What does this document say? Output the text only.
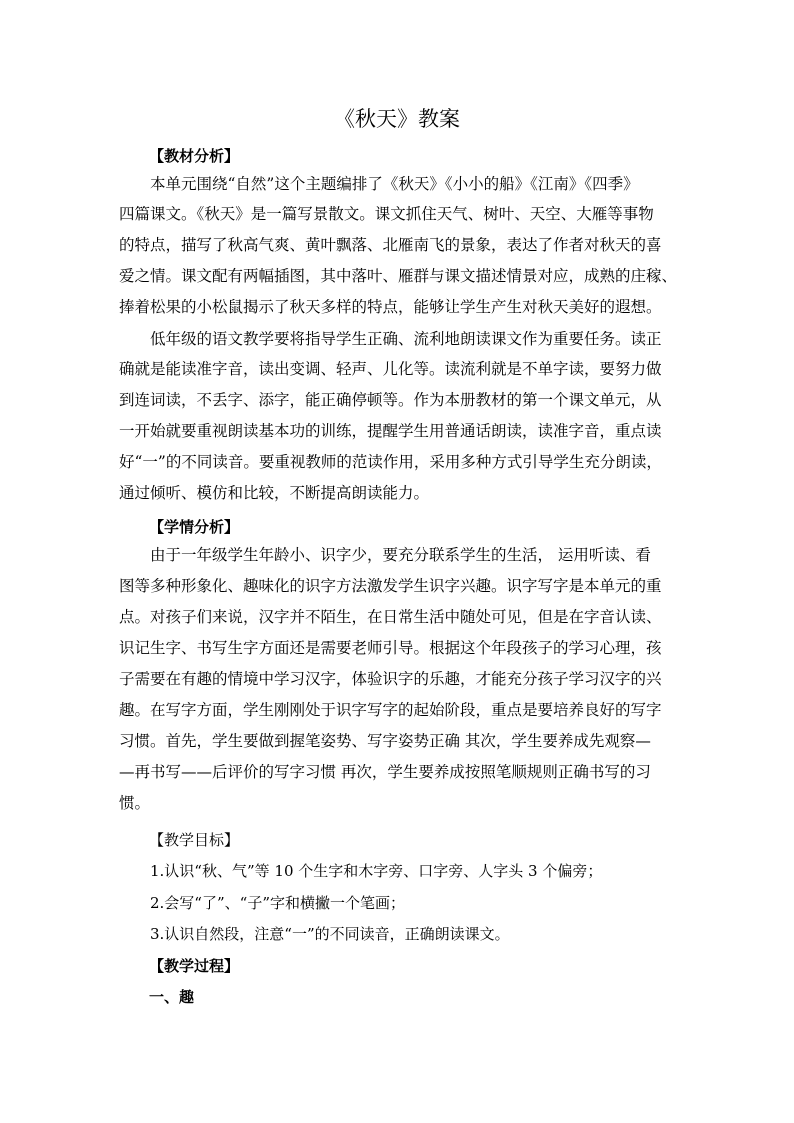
《秋天》教案
【教材分析】
本单元围绕“自然”这个主题编排了《秋天》《小小的船》《江南》《四季》
四篇课文。《秋天》是一篇写景散文。课文抓住天气、树叶、天空、大雁等事物
的特点，描写了秋高气爽、黄叶飘落、北雁南飞的景象，表达了作者对秋天的喜
爱之情。课文配有两幅插图，其中落叶、雁群与课文描述情景对应，成熟的庄稼、
捧着松果的小松鼠揭示了秋天多样的特点，能够让学生产生对秋天美好的遐想。
低年级的语文教学要将指导学生正确、流利地朗读课文作为重要任务。读正
确就是能读准字音，读出变调、轻声、儿化等。读流利就是不单字读，要努力做
到连词读，不丢字、添字，能正确停顿等。作为本册教材的第一个课文单元，从
一开始就要重视朗读基本功的训练，提醒学生用普通话朗读，读准字音，重点读
好“一”的不同读音。要重视教师的范读作用，采用多种方式引导学生充分朗读，
通过倾听、模仿和比较，不断提高朗读能力。
【学情分析】
由于一年级学生年龄小、识字少，要充分联系学生的生活， 运用听读、看
图等多种形象化、趣味化的识字方法激发学生识字兴趣。识字写字是本单元的重
点。对孩子们来说，汉字并不陌生，在日常生活中随处可见，但是在字音认读、
识记生字、书写生字方面还是需要老师引导。根据这个年段孩子的学习心理，孩
子需要在有趣的情境中学习汉字，体验识字的乐趣，才能充分孩子学习汉字的兴
趣。在写字方面，学生刚刚处于识字写字的起始阶段，重点是要培养良好的写字
习惯。首先，学生要做到握笔姿势、写字姿势正确 其次，学生要养成先观察—
—再书写——后评价的写字习惯 再次，学生要养成按照笔顺规则正确书写的习
惯。
【教学目标】
1.认识“秋、气”等 10 个生字和木字旁、口字旁、人字头 3 个偏旁；
2.会写“了”、“子”字和横撇一个笔画；
3.认识自然段，注意“一”的不同读音，正确朗读课文。
【教学过程】
一、趣
